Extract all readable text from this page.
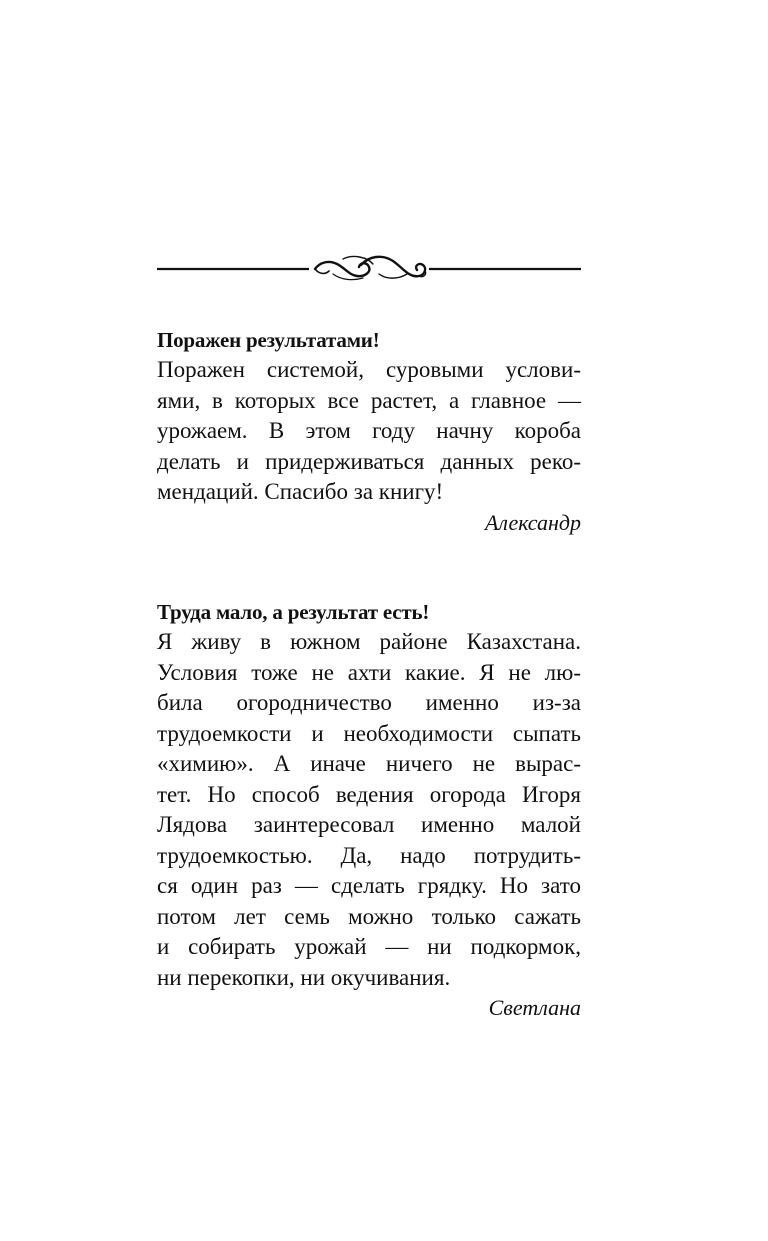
Поражен результатами!
Поражен системой, суровыми услови-
ями, в которых все растет, а главное —
урожаем. В этом году начну короба
делать и придерживаться данных реко-
мендаций. Спасибо за книгу!
Александр
Труда мало, а результат есть!
Я живу в южном районе Казахстана.
Условия тоже не ахти какие. Я не лю-
била огородничество именно из-за
трудоемкости и необходимости сыпать
«химию». А иначе ничего не вырас-
тет. Но способ ведения огорода Игоря
Лядова заинтересовал именно малой
трудоемкостью. Да, надо потрудить-
ся один раз — сделать грядку. Но зато
потом лет семь можно только сажать
и собирать урожай — ни подкормок,
ни перекопки, ни окучивания.
Светлана
